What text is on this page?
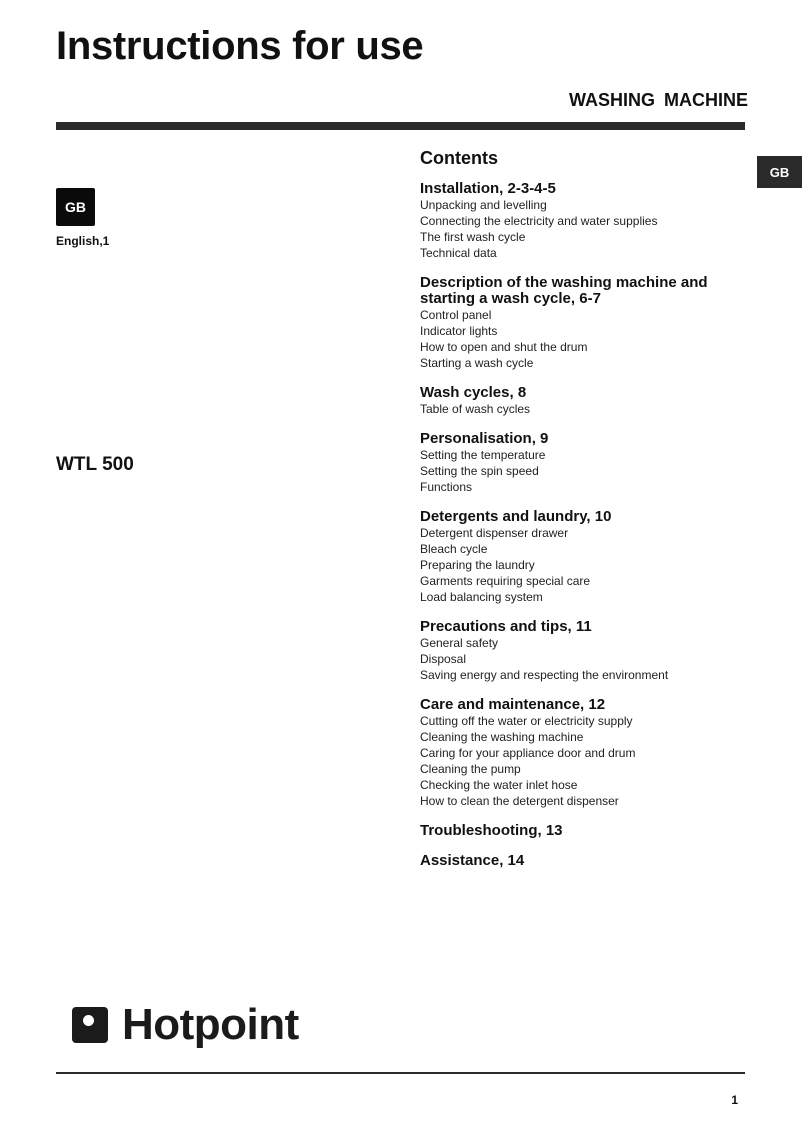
Instructions for use
WASHING MACHINE
GB
GB
English,1
WTL 500
Contents
Installation, 2-3-4-5
Unpacking and levelling
Connecting the electricity and water supplies
The first wash cycle
Technical data
Description of the washing machine and starting a wash cycle, 6-7
Control panel
Indicator lights
How to open and shut the drum
Starting a wash cycle
Wash cycles, 8
Table of wash cycles
Personalisation, 9
Setting the temperature
Setting the spin speed
Functions
Detergents and laundry, 10
Detergent dispenser drawer
Bleach cycle
Preparing the laundry
Garments requiring special care
Load balancing system
Precautions and tips, 11
General safety
Disposal
Saving energy and respecting the environment
Care and maintenance, 12
Cutting off the water or electricity supply
Cleaning the washing machine
Caring for your appliance door and drum
Cleaning the pump
Checking the water inlet hose
How to clean the detergent dispenser
Troubleshooting, 13
Assistance, 14
Hotpoint
1
